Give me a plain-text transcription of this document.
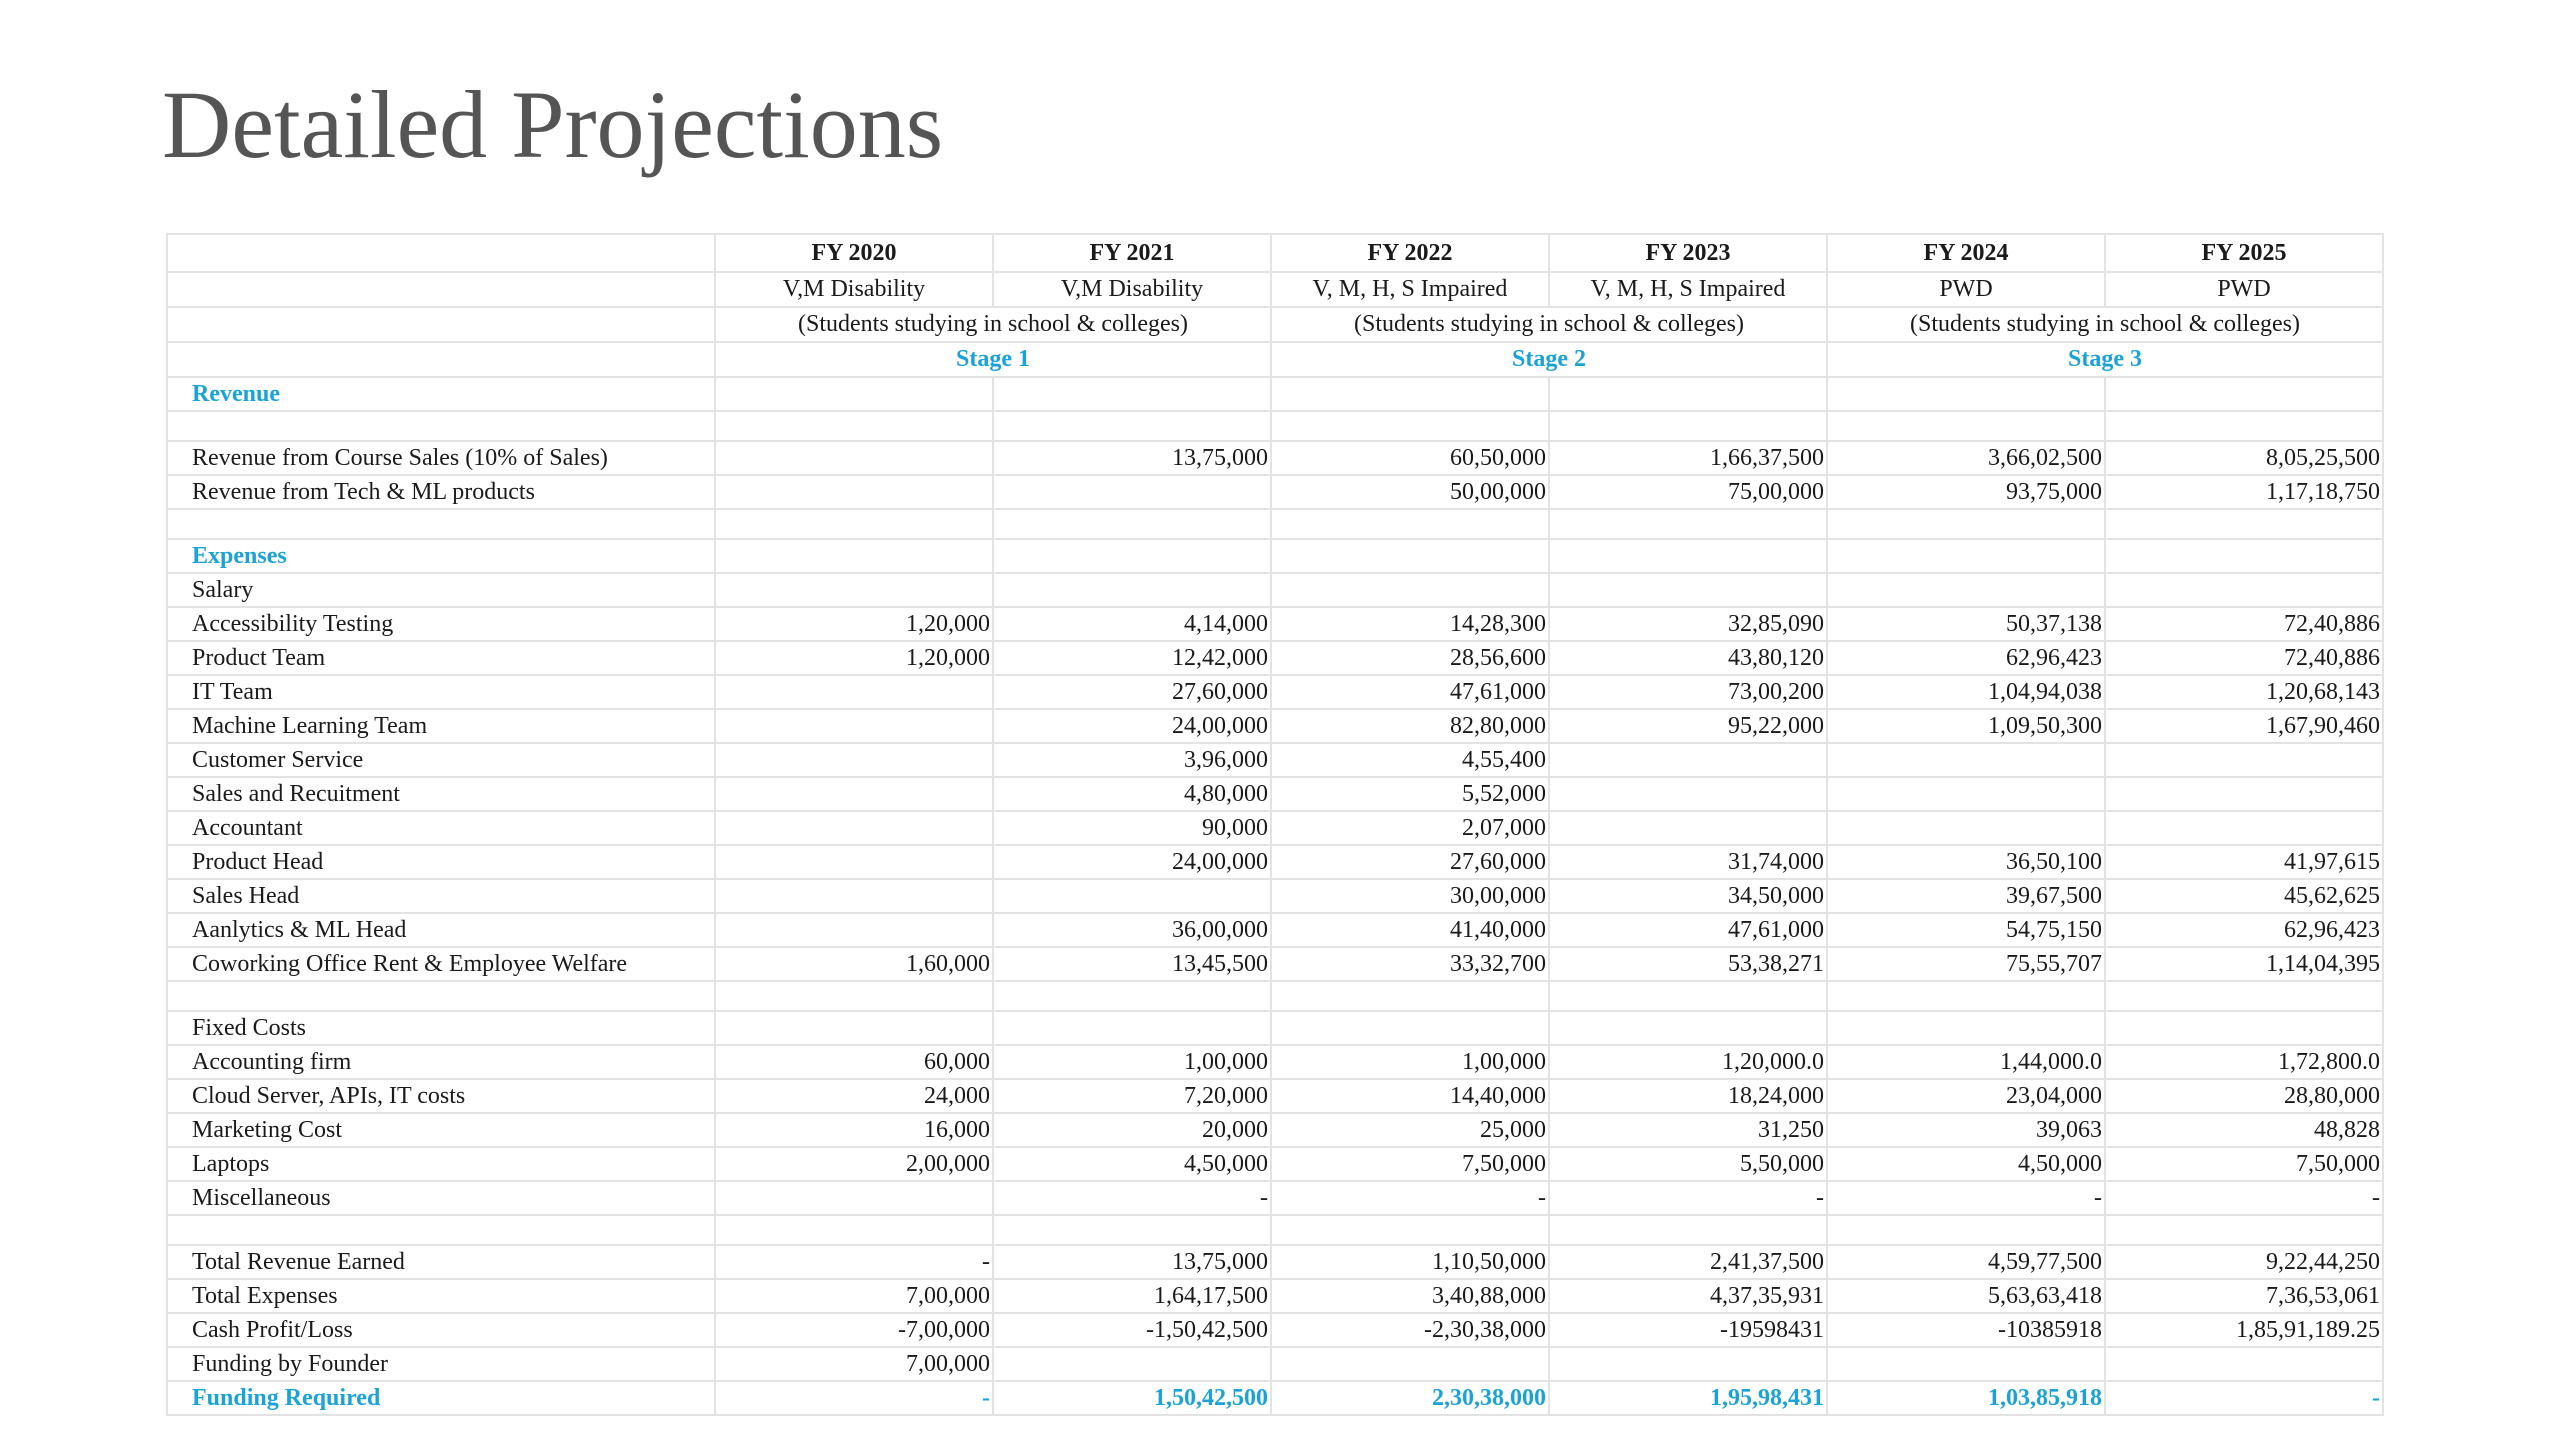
Detailed Projections
	FY 2020	FY 2021	FY 2022	FY 2023	FY 2024	FY 2025
	V,M Disability	V,M Disability	V, M, H, S Impaired	V, M, H, S Impaired	PWD	PWD
	(Students studying in school & colleges)		(Students studying in school & colleges)		(Students studying in school & colleges)	
	Stage 1		Stage 2		Stage 3	
Revenue						

Revenue from Course Sales (10% of Sales)		13,75,000	60,50,000	1,66,37,500	3,66,02,500	8,05,25,500
Revenue from Tech & ML products			50,00,000	75,00,000	93,75,000	1,17,18,750

Expenses						
Salary						
Accessibility Testing	1,20,000	4,14,000	14,28,300	32,85,090	50,37,138	72,40,886
Product Team	1,20,000	12,42,000	28,56,600	43,80,120	62,96,423	72,40,886
IT Team		27,60,000	47,61,000	73,00,200	1,04,94,038	1,20,68,143
Machine Learning Team		24,00,000	82,80,000	95,22,000	1,09,50,300	1,67,90,460
Customer Service		3,96,000	4,55,400			
Sales and Recuitment		4,80,000	5,52,000			
Accountant		90,000	2,07,000			
Product Head		24,00,000	27,60,000	31,74,000	36,50,100	41,97,615
Sales Head			30,00,000	34,50,000	39,67,500	45,62,625
Aanlytics & ML Head		36,00,000	41,40,000	47,61,000	54,75,150	62,96,423
Coworking Office Rent & Employee Welfare	1,60,000	13,45,500	33,32,700	53,38,271	75,55,707	1,14,04,395

Fixed Costs						
Accounting firm	60,000	1,00,000	1,00,000	1,20,000.0	1,44,000.0	1,72,800.0
Cloud Server, APIs, IT costs	24,000	7,20,000	14,40,000	18,24,000	23,04,000	28,80,000
Marketing Cost	16,000	20,000	25,000	31,250	39,063	48,828
Laptops	2,00,000	4,50,000	7,50,000	5,50,000	4,50,000	7,50,000
Miscellaneous		-	-	-	-	-

Total Revenue Earned	-	13,75,000	1,10,50,000	2,41,37,500	4,59,77,500	9,22,44,250
Total Expenses	7,00,000	1,64,17,500	3,40,88,000	4,37,35,931	5,63,63,418	7,36,53,061
Cash Profit/Loss	-7,00,000	-1,50,42,500	-2,30,38,000	-19598431	-10385918	1,85,91,189.25
Funding by Founder	7,00,000					
Funding Required	-	1,50,42,500	2,30,38,000	1,95,98,431	1,03,85,918	-
